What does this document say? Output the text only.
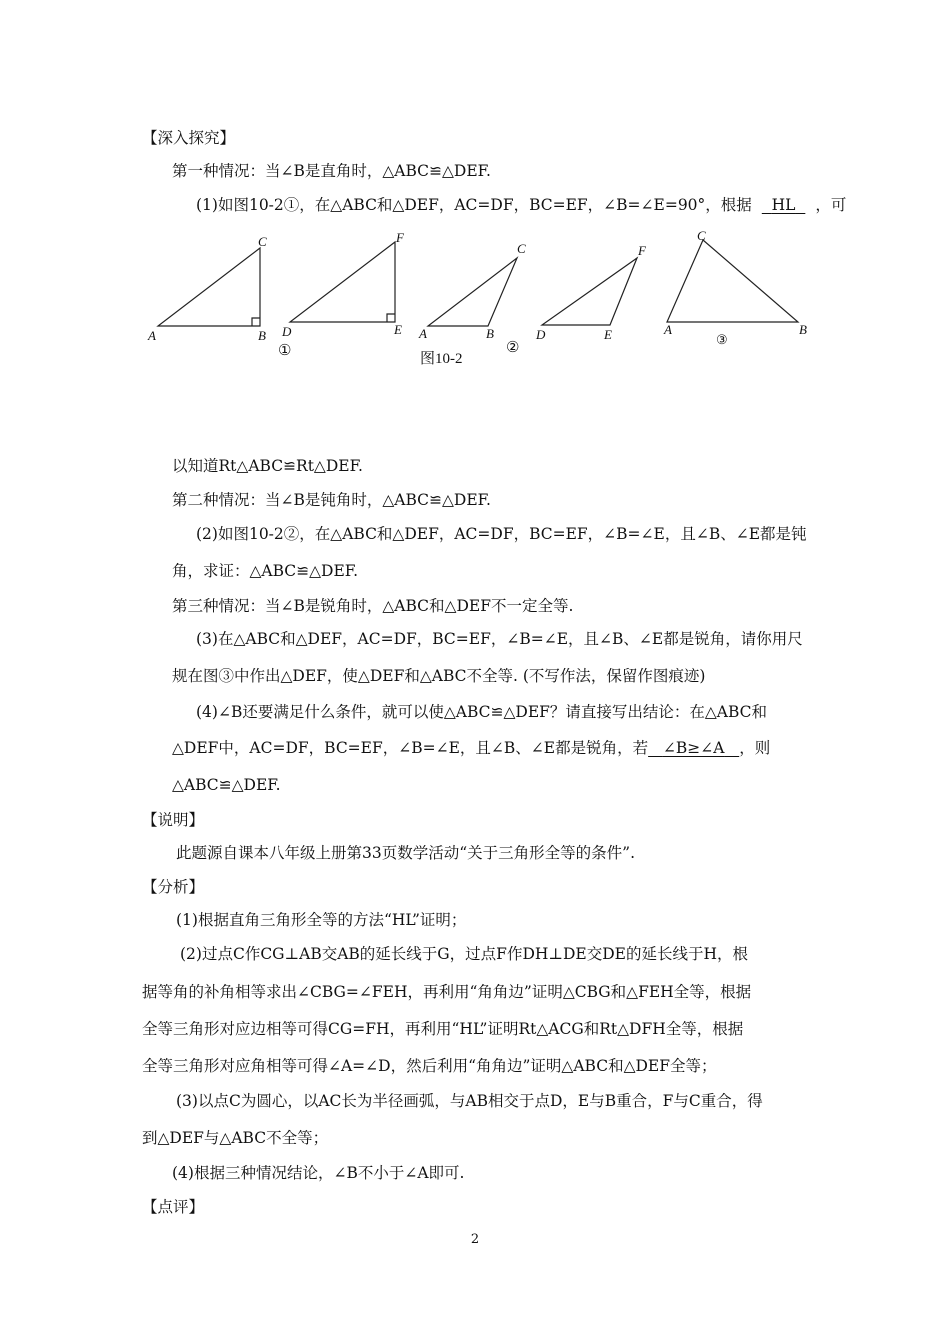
【深入探究】
第一种情况：当∠B是直角时，△ABC≌△DEF.
(1)如图10-2①，在△ABC和△DEF，AC=DF，BC=EF，∠B=∠E=90°，根据 HL ，可
A	B
C
D	E
F
A	B
C
D	E
F
A	B
C
①	②
③
图10-2
以知道Rt△ABC≌Rt△DEF.
第二种情况：当∠B是钝角时，△ABC≌△DEF.
(2)如图10-2②，在△ABC和△DEF，AC=DF，BC=EF，∠B=∠E，且∠B、∠E都是钝
角，求证：△ABC≌△DEF.
第三种情况：当∠B是锐角时，△ABC和△DEF不一定全等.
(3)在△ABC和△DEF，AC=DF，BC=EF，∠B=∠E，且∠B、∠E都是锐角，请你用尺
规在图③中作出△DEF，使△DEF和△ABC不全等. (不写作法，保留作图痕迹)
(4)∠B还要满足什么条件，就可以使△ABC≌△DEF？请直接写出结论：在△ABC和
△DEF中，AC=DF，BC=EF，∠B=∠E，且∠B、∠E都是锐角，若 ∠B≥∠A ，则
△ABC≌△DEF.
【说明】
此题源自课本八年级上册第33页数学活动“关于三角形全等的条件”.
【分析】
(1)根据直角三角形全等的方法“HL”证明；
(2)过点C作CG⊥AB交AB的延长线于G，过点F作DH⊥DE交DE的延长线于H，根
据等角的补角相等求出∠CBG=∠FEH，再利用“角角边”证明△CBG和△FEH全等，根据
全等三角形对应边相等可得CG=FH，再利用“HL”证明Rt△ACG和Rt△DFH全等，根据
全等三角形对应角相等可得∠A=∠D，然后利用“角角边”证明△ABC和△DEF全等；
(3)以点C为圆心，以AC长为半径画弧，与AB相交于点D，E与B重合，F与C重合，得
到△DEF与△ABC不全等；
(4)根据三种情况结论，∠B不小于∠A即可.
【点评】
2
